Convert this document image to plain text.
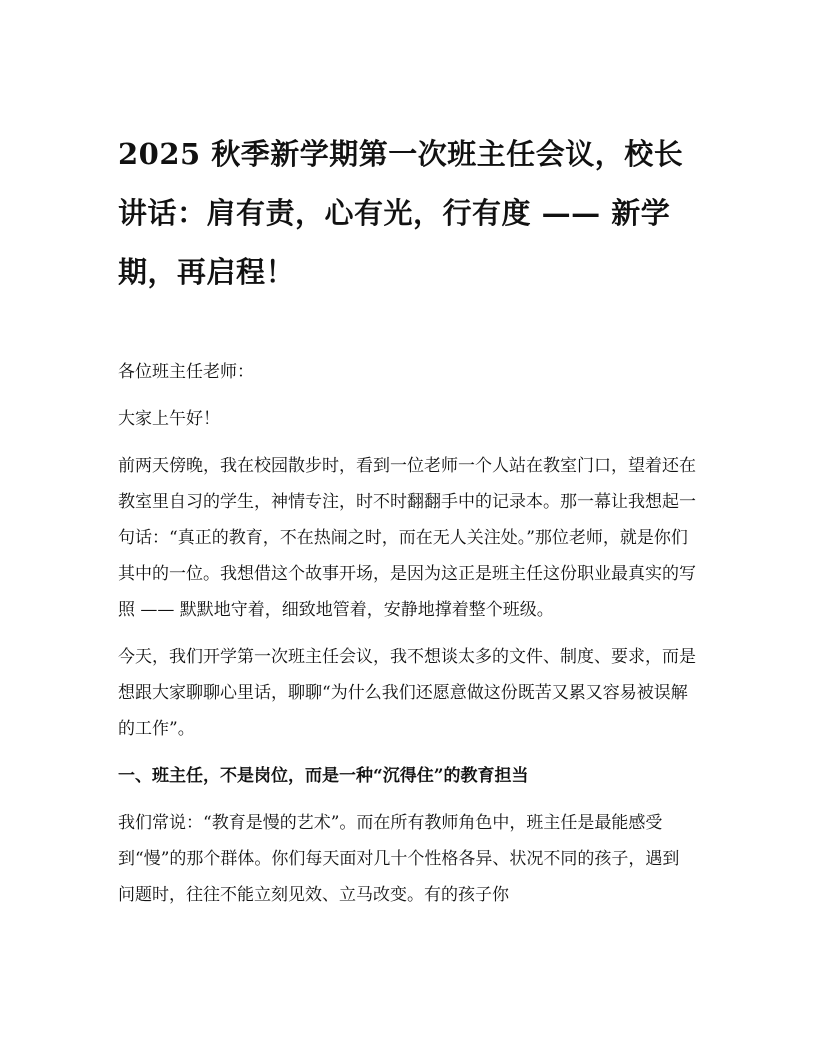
2025 秋季新学期第一次班主任会议，校长讲话：肩有责，心有光，行有度 —— 新学期，再启程！

各位班主任老师：

大家上午好！

前两天傍晚，我在校园散步时，看到一位老师一个人站在教室门口，望着还在教室里自习的学生，神情专注，时不时翻翻手中的记录本。那一幕让我想起一句话：“真正的教育，不在热闹之时，而在无人关注处。”那位老师，就是你们其中的一位。我想借这个故事开场，是因为这正是班主任这份职业最真实的写照 —— 默默地守着，细致地管着，安静地撑着整个班级。

今天，我们开学第一次班主任会议，我不想谈太多的文件、制度、要求，而是想跟大家聊聊心里话，聊聊“为什么我们还愿意做这份既苦又累又容易被误解的工作”。

一、班主任，不是岗位，而是一种“沉得住”的教育担当

我们常说：“教育是慢的艺术”。而在所有教师角色中，班主任是最能感受到“慢”的那个群体。你们每天面对几十个性格各异、状况不同的孩子，遇到问题时，往往不能立刻见效、立马改变。有的孩子你
